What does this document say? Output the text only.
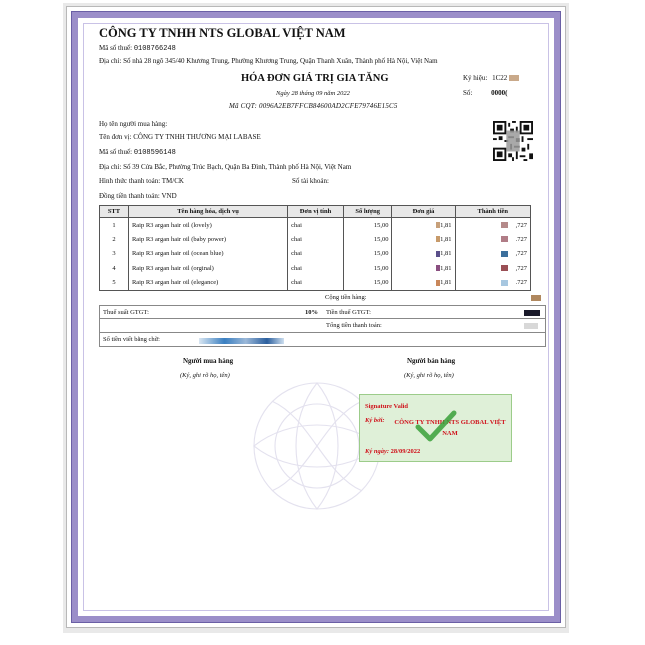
CÔNG TY TNHH NTS GLOBAL VIỆT NAM
Mã số thuế: 0108766248
Địa chỉ: Số nhà 28 ngõ 345/40 Khương Trung, Phường Khương Trung, Quận Thanh Xuân, Thành phố Hà Nội, Việt Nam
HÓA ĐƠN GIÁ TRỊ GIA TĂNG
Ngày 28 tháng 09 năm 2022
Mã CQT: 0096A2EB7FFCB84600AD2CFE79746E15C5
Ký hiệu: 1C22
Số:	0000(
Họ tên người mua hàng:
Tên đơn vị: CÔNG TY TNHH THƯƠNG MẠI LABASE
Mã số thuế: 0108596148
Địa chỉ: Số 39 Cửa Bắc, Phường Trúc Bạch, Quận Ba Đình, Thành phố Hà Nội, Việt Nam
Hình thức thanh toán: TM/CK	Số tài khoản:
Đồng tiền thanh toán: VND
STT	Tên hàng hóa, dịch vụ	Đơn vị tính	Số lượng	Đơn giá	Thành tiền
1	Raip R3 argan hair oil (lovely)	chai	15,00	1,81	,727
2	Raip R3 argan hair oil (baby power)	chai	15,00	1,81	.727
3	Raip R3 argan hair oil (ocean blue)	chai	15,00	1,81	,727
4	Raip R3 argan hair oil (orginal)	chai	15,00	1,81	,727
5	Raip R3 argan hair oil (elegance)	chai	15,00	1,81	.727
Cộng tiền hàng:
Thuế suất GTGT:	10% Tiền thuế GTGT:
Tổng tiền thanh toán:
Số tiền viết bằng chữ:
Người mua hàng
(Ký, ghi rõ họ, tên)
Người bán hàng
(Ký, ghi rõ họ, tên)
Signature Valid
Ký bởi: CÔNG TY TNHH NTS GLOBAL VIỆT NAM
Ký ngày: 28/09/2022
